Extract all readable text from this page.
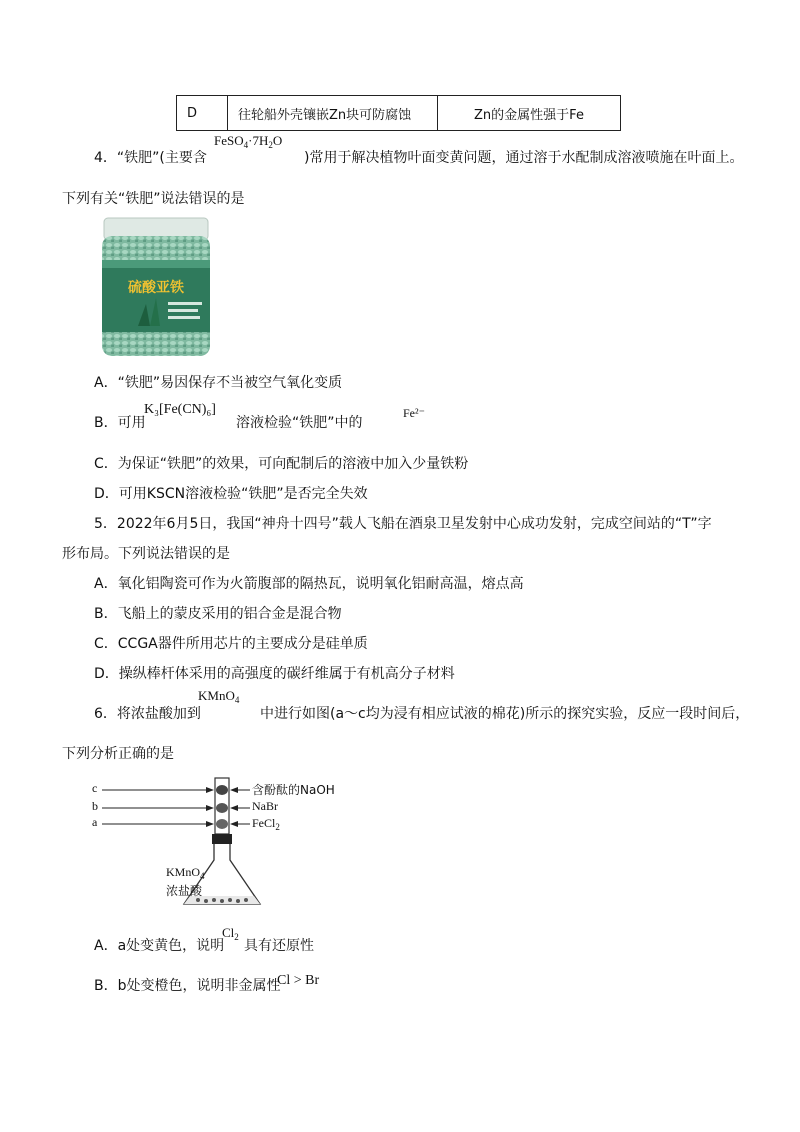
D	往轮船外壳镶嵌Zn块可防腐蚀	Zn的金属性强于Fe
$FeSO_4\cdot 7H_2O$
4．“铁肥”(主要含	)常用于解决植物叶面变黄问题，通过溶于水配制成溶液喷施在叶面上。
下列有关“铁肥”说法错误的是
硫酸亚铁
A．“铁肥”易因保存不当被空气氧化变质
B．可用
K₃[Fe(CN)₆]
溶液检验“铁肥”中的
Fe²⁻
C．为保证“铁肥”的效果，可向配制后的溶液中加入少量铁粉
D．可用KSCN溶液检验“铁肥”是否完全失效
5．2022年6月5日，我国“神舟十四号”载人飞船在酒泉卫星发射中心成功发射，完成空间站的“T”字
形布局。下列说法错误的是
A．氧化铝陶瓷可作为火箭腹部的隔热瓦，说明氧化铝耐高温，熔点高
B．飞船上的蒙皮采用的铝合金是混合物
C．CCGA器件所用芯片的主要成分是硅单质
D．操纵棒杆体采用的高强度的碳纤维属于有机高分子材料
KMnO$_4$
6．将浓盐酸加到	中进行如图(a～c均为浸有相应试液的棉花)所示的探究实验，反应一段时间后，
下列分析正确的是
c
b
a
含酚酞的NaOH
NaBr
FeCl$_2$
KMnO$_4$
浓盐酸
A．a处变黄色，说明
$Cl_2$
具有还原性
B．b处变橙色，说明非金属性
Cl > Br
